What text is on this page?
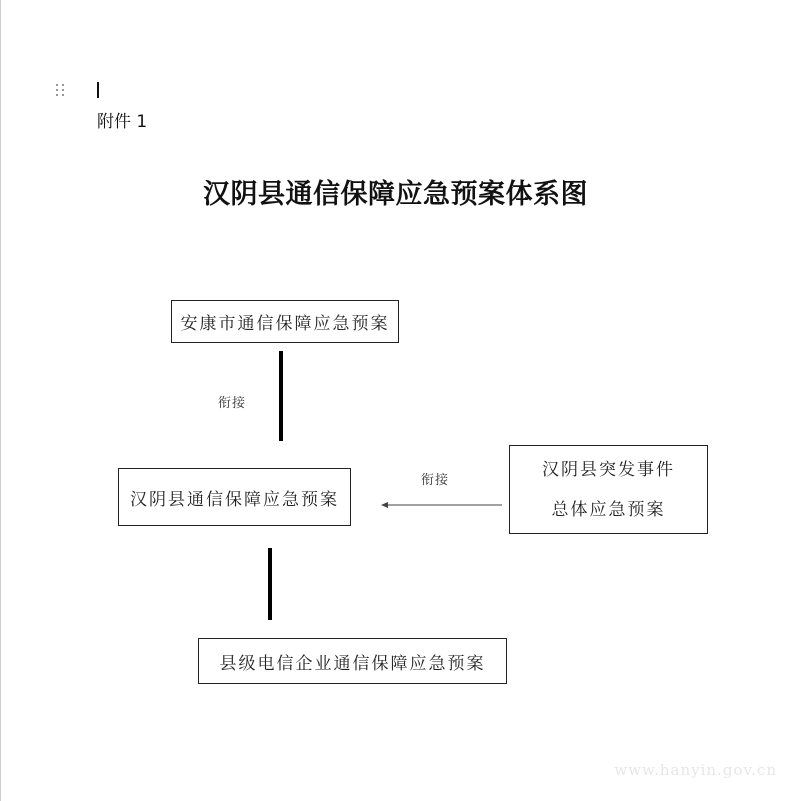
附件 1
汉阴县通信保障应急预案体系图
安康市通信保障应急预案
衔接
汉阴县通信保障应急预案
衔接
汉阴县突发事件
总体应急预案
县级电信企业通信保障应急预案
www.hanyin.gov.cn
